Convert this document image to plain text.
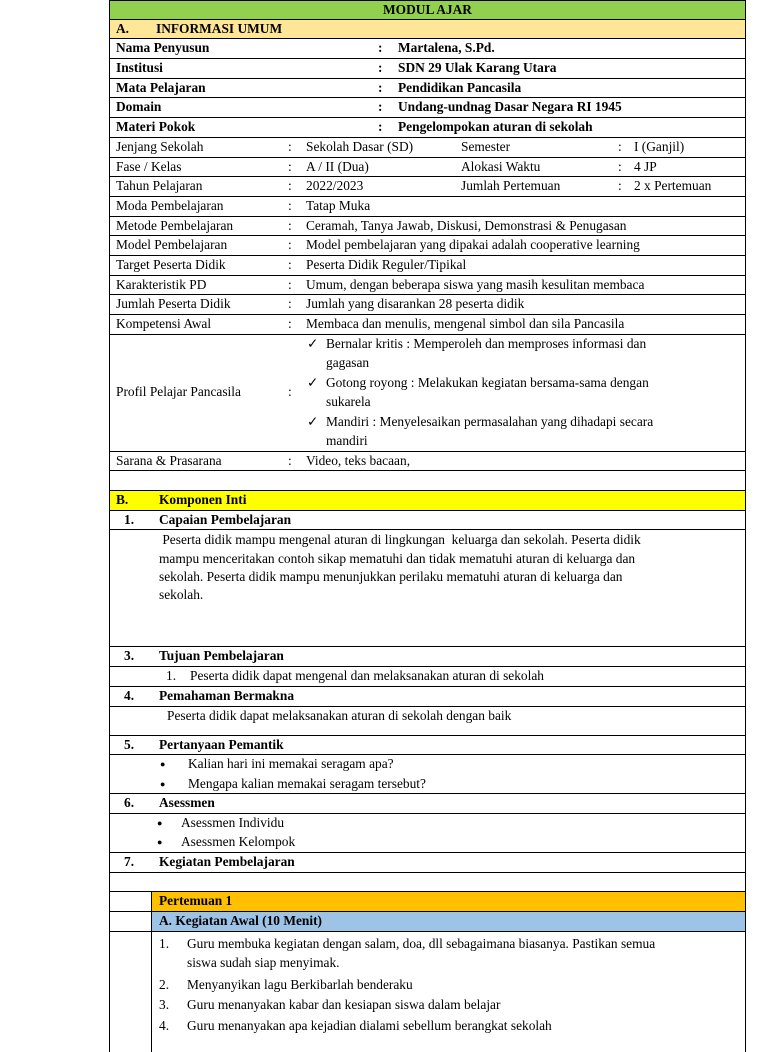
MODUL AJAR
A. INFORMASI UMUM
Nama Penyusun	: Martalena, S.Pd.
Institusi	: SDN 29 Ulak Karang Utara
Mata Pelajaran	: Pendidikan Pancasila
Domain	: Undang-undnag Dasar Negara RI 1945
Materi Pokok	: Pengelompokan aturan di sekolah
Jenjang Sekolah	: Sekolah Dasar (SD)	Semester	: I (Ganjil)
Fase / Kelas	: A / II (Dua)	Alokasi Waktu	: 4 JP
Tahun Pelajaran	: 2022/2023	Jumlah Pertemuan	: 2 x Pertemuan
Moda Pembelajaran	: Tatap Muka
Metode Pembelajaran	: Ceramah, Tanya Jawab, Diskusi, Demonstrasi & Penugasan
Model Pembelajaran	: Model pembelajaran yang dipakai adalah cooperative learning
Target Peserta Didik	: Peserta Didik Reguler/Tipikal
Karakteristik PD	: Umum, dengan beberapa siswa yang masih kesulitan membaca
Jumlah Peserta Didik	: Jumlah yang disarankan 28 peserta didik
Kompetensi Awal	: Membaca dan menulis, mengenal simbol dan sila Pancasila
Profil Pelajar Pancasila	:
✓ Bernalar kritis : Memperoleh dan memproses informasi dan
gagasan
✓ Gotong royong : Melakukan kegiatan bersama-sama dengan
sukarela
✓ Mandiri : Menyelesaikan permasalahan yang dihadapi secara
mandiri
Sarana & Prasarana	: Video, teks bacaan,
B. Komponen Inti
1. Capaian Pembelajaran
Peserta didik mampu mengenal aturan di lingkungan  keluarga dan sekolah. Peserta didik
mampu menceritakan contoh sikap mematuhi dan tidak mematuhi aturan di keluarga dan
sekolah. Peserta didik mampu menunjukkan perilaku mematuhi aturan di keluarga dan
sekolah.
3. Tujuan Pembelajaran
1. Peserta didik dapat mengenal dan melaksanakan aturan di sekolah
4. Pemahaman Bermakna
Peserta didik dapat melaksanakan aturan di sekolah dengan baik
5. Pertanyaan Pemantik
● Kalian hari ini memakai seragam apa?
● Mengapa kalian memakai seragam tersebut?
6. Asessmen
● Asessmen Individu
● Asessmen Kelompok
7. Kegiatan Pembelajaran
Pertemuan 1
A. Kegiatan Awal (10 Menit)
1. Guru membuka kegiatan dengan salam, doa, dll sebagaimana biasanya. Pastikan semua
siswa sudah siap menyimak.
2. Menyanyikan lagu Berkibarlah benderaku
3. Guru menanyakan kabar dan kesiapan siswa dalam belajar
4. Guru menanyakan apa kejadian dialami sebellum berangkat sekolah
